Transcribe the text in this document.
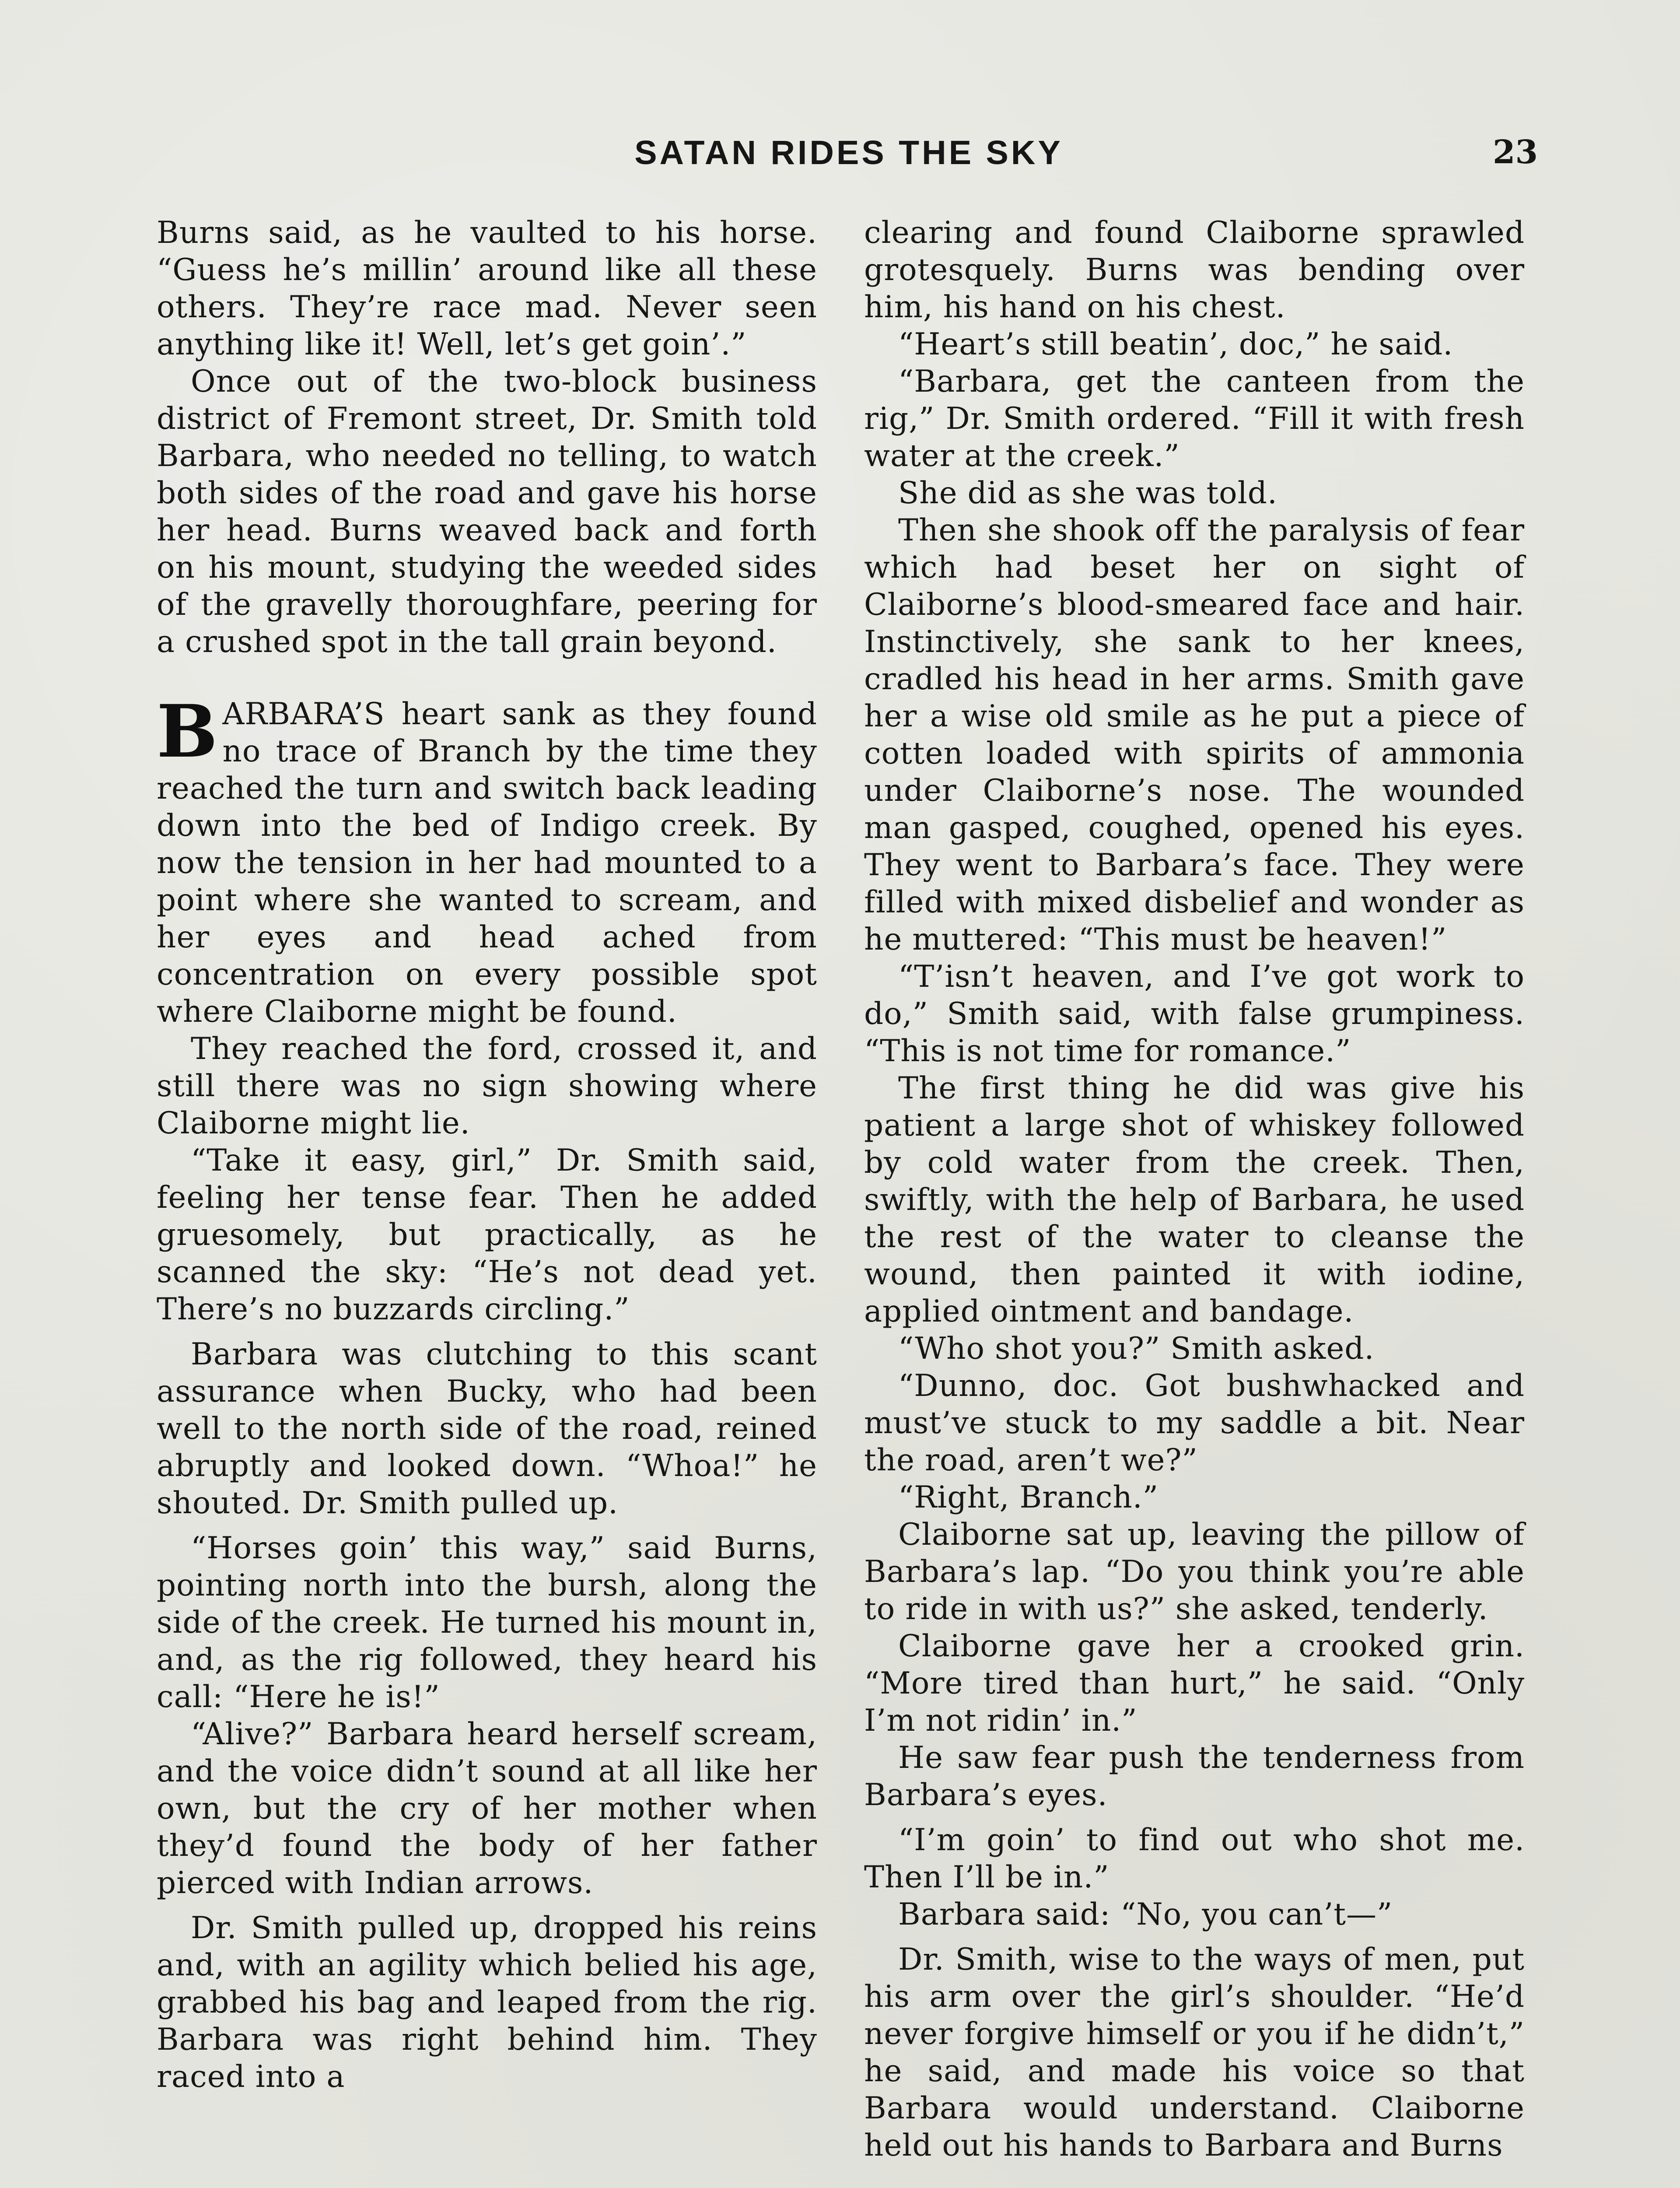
SATAN RIDES THE SKY	23

Burns said, as he vaulted to his horse. “Guess he’s millin’ around like all these others. They’re race mad. Never seen anything like it! Well, let’s get goin’.”

Once out of the two-block business district of Fremont street, Dr. Smith told Barbara, who needed no telling, to watch both sides of the road and gave his horse her head. Burns weaved back and forth on his mount, studying the weeded sides of the gravelly thoroughfare, peering for a crushed spot in the tall grain beyond.

BARBARA’S heart sank as they found no trace of Branch by the time they reached the turn and switch back leading down into the bed of Indigo creek. By now the tension in her had mounted to a point where she wanted to scream, and her eyes and head ached from concentration on every possible spot where Claiborne might be found.

They reached the ford, crossed it, and still there was no sign showing where Claiborne might lie.

“Take it easy, girl,” Dr. Smith said, feeling her tense fear. Then he added gruesomely, but practically, as he scanned the sky: “He’s not dead yet. There’s no buzzards circling.”

Barbara was clutching to this scant assurance when Bucky, who had been well to the north side of the road, reined abruptly and looked down. “Whoa!” he shouted. Dr. Smith pulled up.

“Horses goin’ this way,” said Burns, pointing north into the bursh, along the side of the creek. He turned his mount in, and, as the rig followed, they heard his call: “Here he is!”

“Alive?” Barbara heard herself scream, and the voice didn’t sound at all like her own, but the cry of her mother when they’d found the body of her father pierced with Indian arrows.

Dr. Smith pulled up, dropped his reins and, with an agility which belied his age, grabbed his bag and leaped from the rig. Barbara was right behind him. They raced into a

clearing and found Claiborne sprawled grotesquely. Burns was bending over him, his hand on his chest.

“Heart’s still beatin’, doc,” he said.

“Barbara, get the canteen from the rig,” Dr. Smith ordered. “Fill it with fresh water at the creek.”

She did as she was told.

Then she shook off the paralysis of fear which had beset her on sight of Claiborne’s blood-smeared face and hair. Instinctively, she sank to her knees, cradled his head in her arms. Smith gave her a wise old smile as he put a piece of cotten loaded with spirits of ammonia under Claiborne’s nose. The wounded man gasped, coughed, opened his eyes. They went to Barbara’s face. They were filled with mixed disbelief and wonder as he muttered: “This must be heaven!”

“T’isn’t heaven, and I’ve got work to do,” Smith said, with false grumpiness. “This is not time for romance.”

The first thing he did was give his patient a large shot of whiskey followed by cold water from the creek. Then, swiftly, with the help of Barbara, he used the rest of the water to cleanse the wound, then painted it with iodine, applied ointment and bandage.

“Who shot you?” Smith asked.

“Dunno, doc. Got bushwhacked and must’ve stuck to my saddle a bit. Near the road, aren’t we?”

“Right, Branch.”

Claiborne sat up, leaving the pillow of Barbara’s lap. “Do you think you’re able to ride in with us?” she asked, tenderly.

Claiborne gave her a crooked grin. “More tired than hurt,” he said. “Only I’m not ridin’ in.”

He saw fear push the tenderness from Barbara’s eyes.

“I’m goin’ to find out who shot me. Then I’ll be in.”

Barbara said: “No, you can’t—”

Dr. Smith, wise to the ways of men, put his arm over the girl’s shoulder. “He’d never forgive himself or you if he didn’t,” he said, and made his voice so that Barbara would understand. Claiborne held out his hands to Barbara and Burns
